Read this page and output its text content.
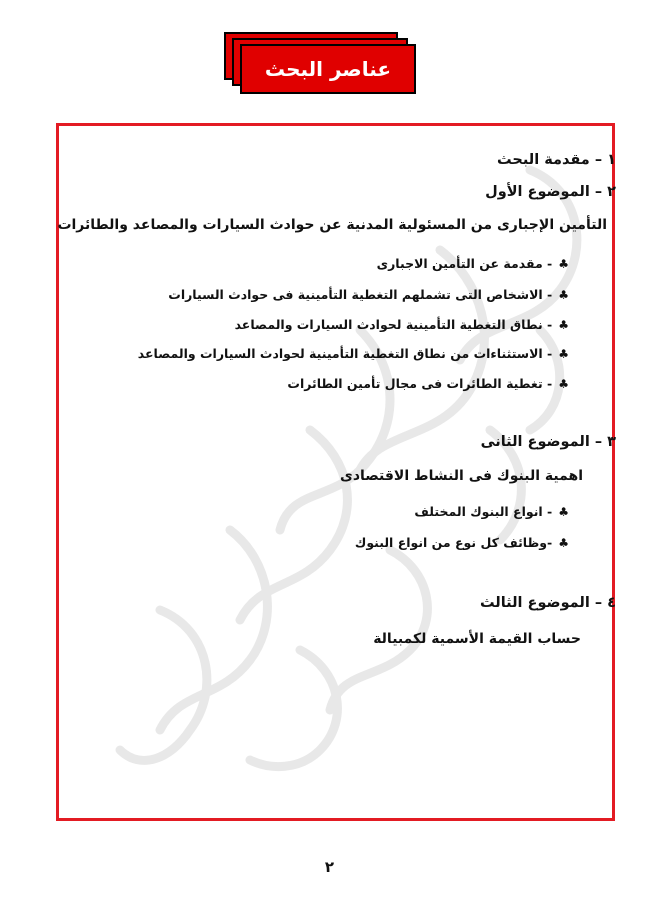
عناصر البحث
١ – مقدمة البحث
٢ – الموضوع الأول
التأمين الإجبارى من المسئولية المدنية عن حوادث السيارات والمصاعد والطائرات
♣- مقدمة عن التأمين الاجبارى
♣- الاشخاص التى تشملهم التغطية التأمينية فى حوادث السيارات
♣- نطاق التغطية التأمينية لحوادث السيارات والمصاعد
♣- الاستثناءات من نطاق التغطية التأمينية لحوادث السيارات والمصاعد
♣- تغطية الطائرات فى مجال تأمين الطائرات
٣ – الموضوع الثانى
اهمية البنوك فى النشاط الاقتصادى
♣- انواع البنوك المختلف
♣-وظائف كل نوع من انواع البنوك
٤ – الموضوع الثالث
حساب القيمة الأسمية لكمبيالة
٢
